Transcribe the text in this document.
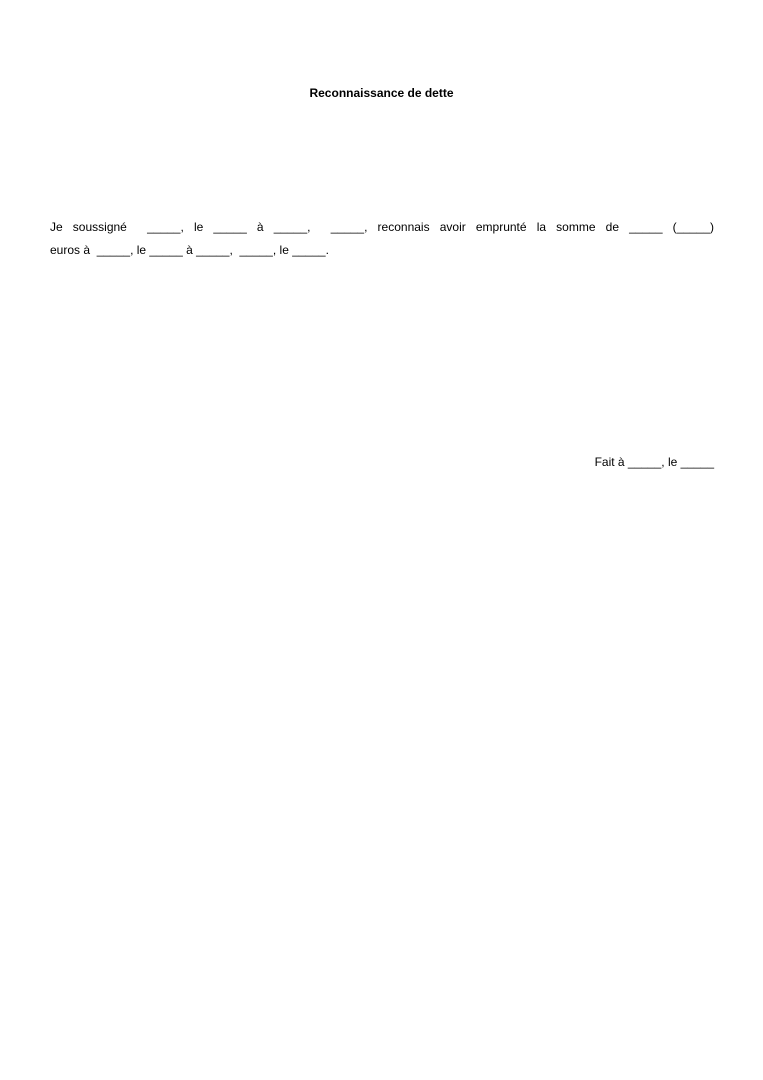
Reconnaissance de dette
Je soussigné  _____, le _____ à _____,  _____, reconnais avoir emprunté la somme de _____ (_____)
euros à  _____, le _____ à _____,  _____, le _____.
Fait à _____, le _____
